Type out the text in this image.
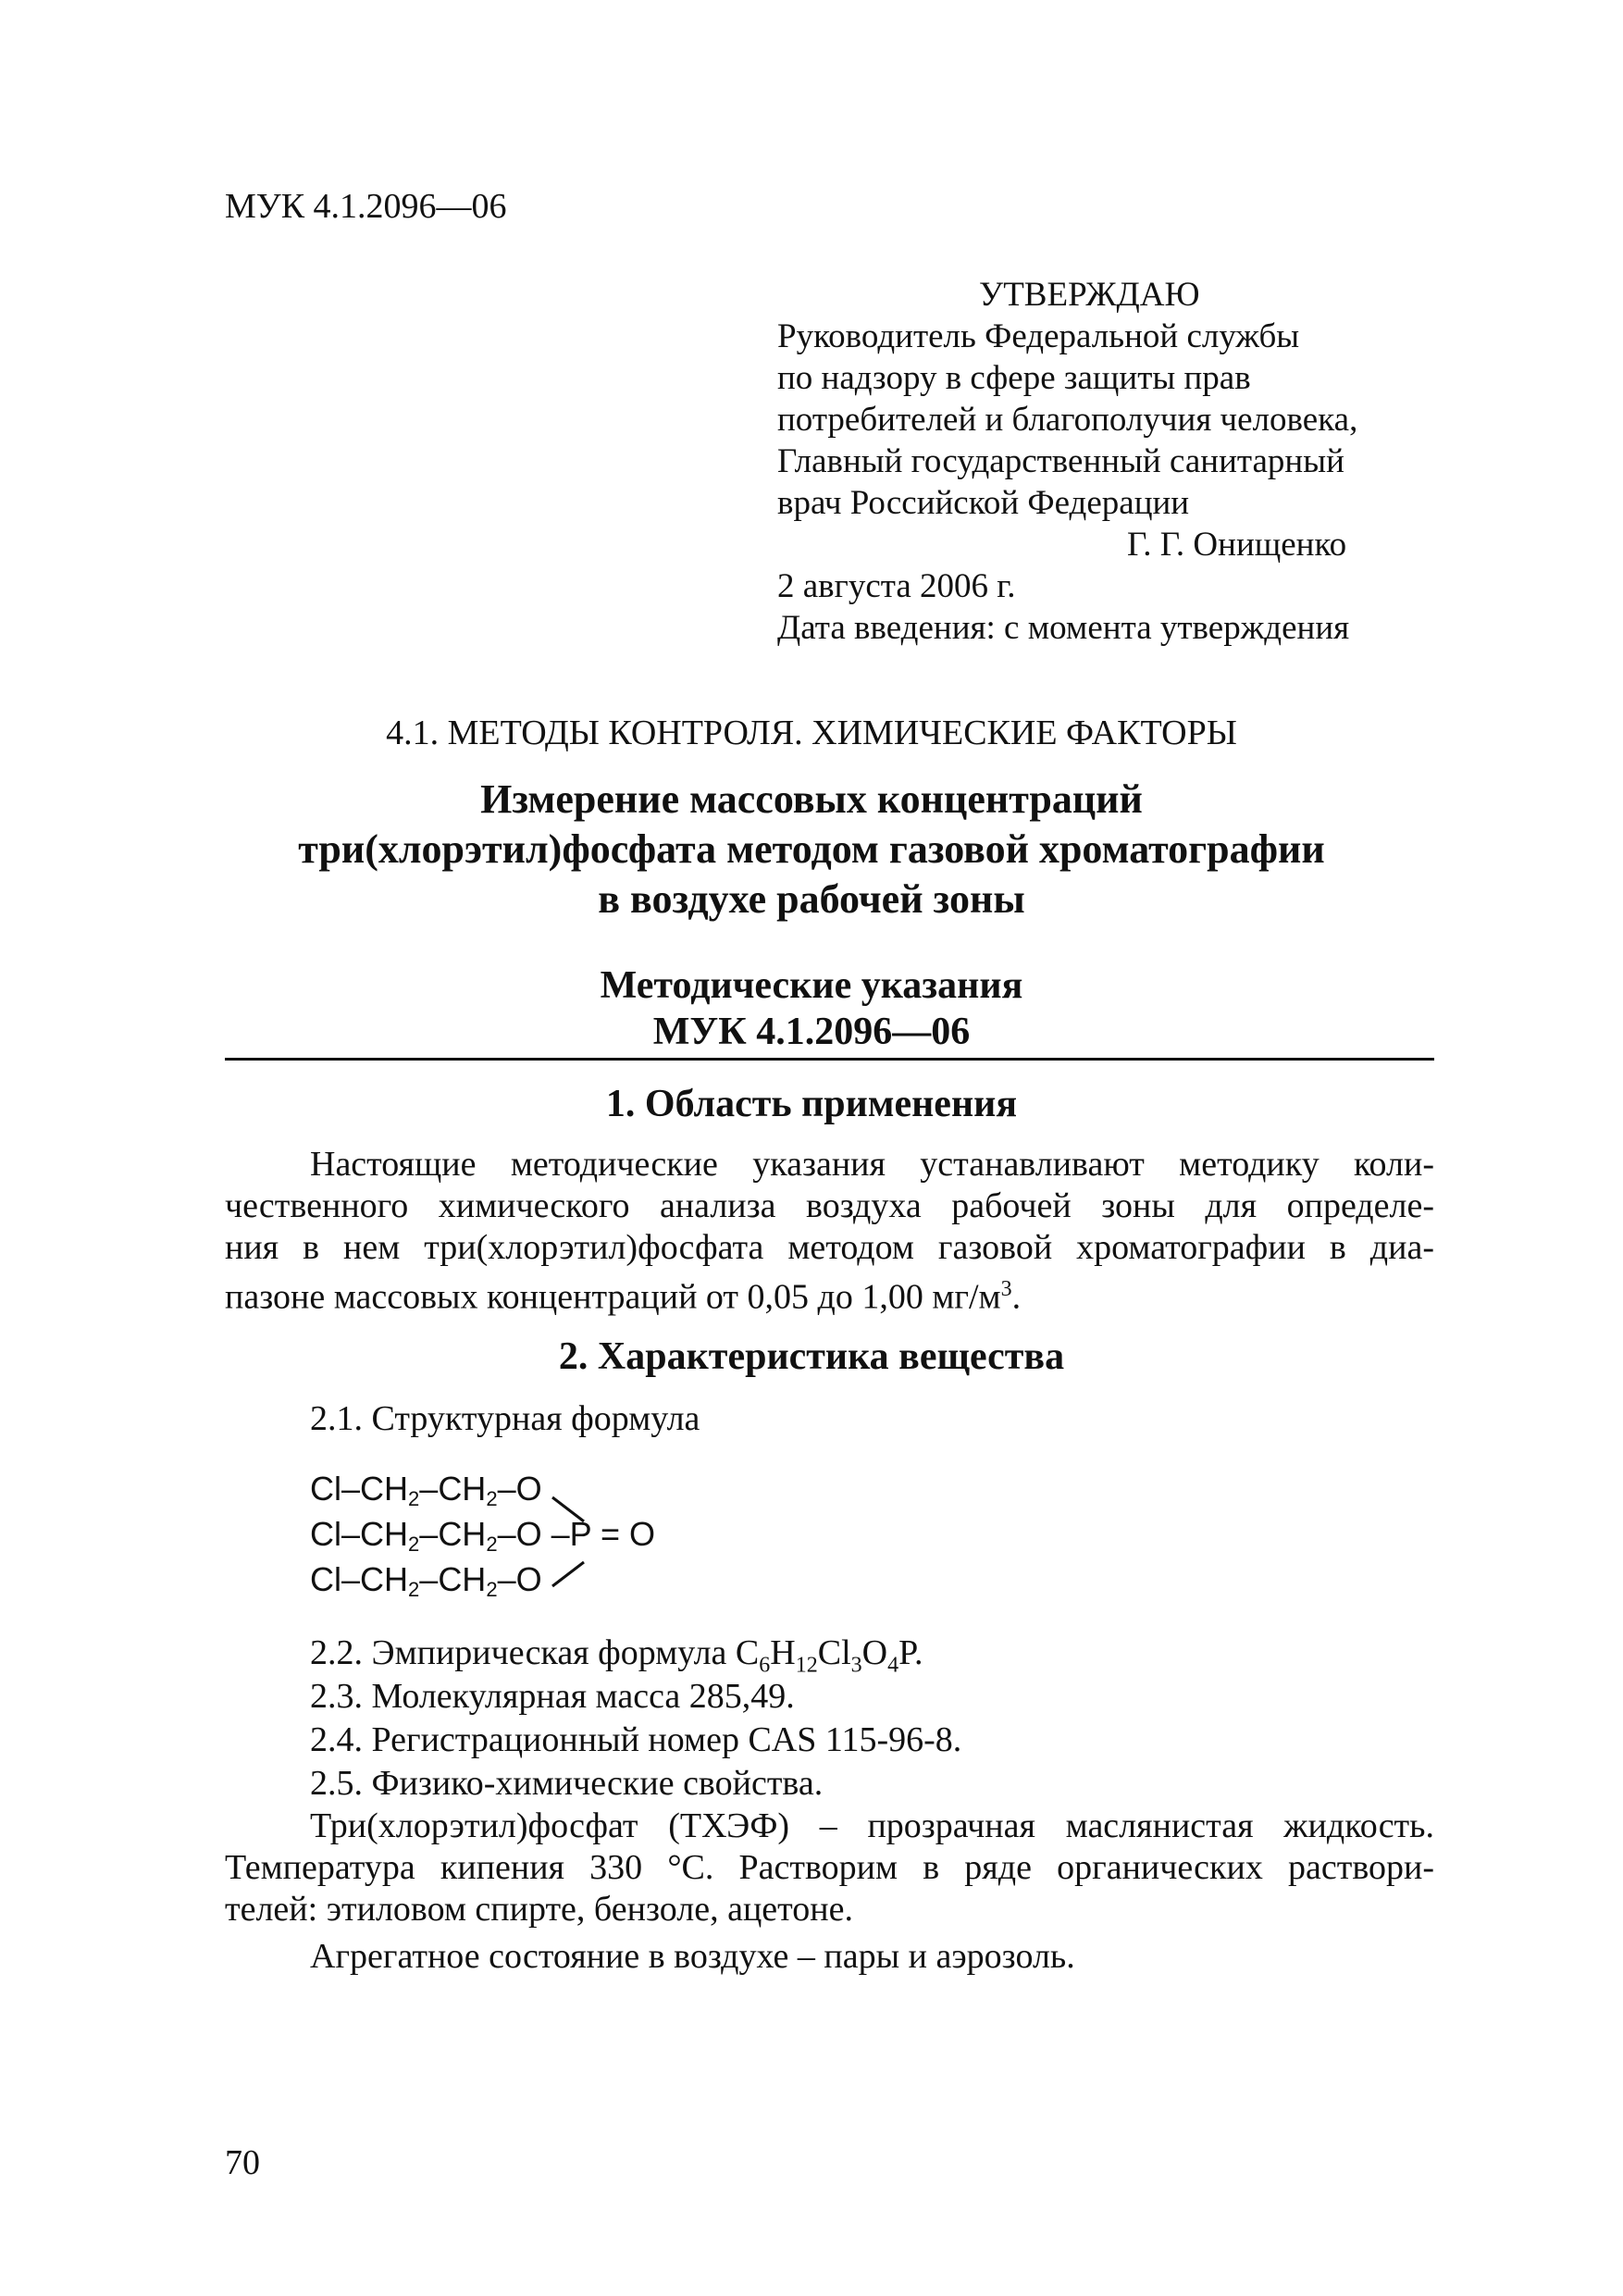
МУК 4.1.2096—06
УТВЕРЖДАЮ
Руководитель Федеральной службы
по надзору в сфере защиты прав
потребителей и благополучия человека,
Главный государственный санитарный
врач Российской Федерации
Г. Г. Онищенко
2 августа 2006 г.
Дата введения: с момента утверждения
4.1. МЕТОДЫ КОНТРОЛЯ. ХИМИЧЕСКИЕ ФАКТОРЫ
Измерение массовых концентраций
три(хлорэтил)фосфата методом газовой хроматографии
в воздухе рабочей зоны
Методические указания
МУК 4.1.2096—06
1. Область применения
Настоящие методические указания устанавливают методику коли-
чественного химического анализа воздуха рабочей зоны для определе-
ния в нем три(хлорэтил)фосфата методом газовой хроматографии в диа-
пазоне массовых концентраций от 0,05 до 1,00 $мг/м^3$.
2. Характеристика вещества
2.1. Структурная формула
$Cl-CH_2-CH_2-O$
$Cl-CH_2-CH_2-O$ –P = O
$Cl-CH_2-CH_2-O$
2.2. Эмпирическая формула $C_6H_{12}Cl_3O_4P$.
2.3. Молекулярная масса 285,49.
2.4. Регистрационный номер CAS 115-96-8.
2.5. Физико-химические свойства.
Три(хлорэтил)фосфат (ТХЭФ) – прозрачная маслянистая жидкость.
Температура кипения 330 °С. Растворим в ряде органических раствори-
телей: этиловом спирте, бензоле, ацетоне.
Агрегатное состояние в воздухе – пары и аэрозоль.
70
